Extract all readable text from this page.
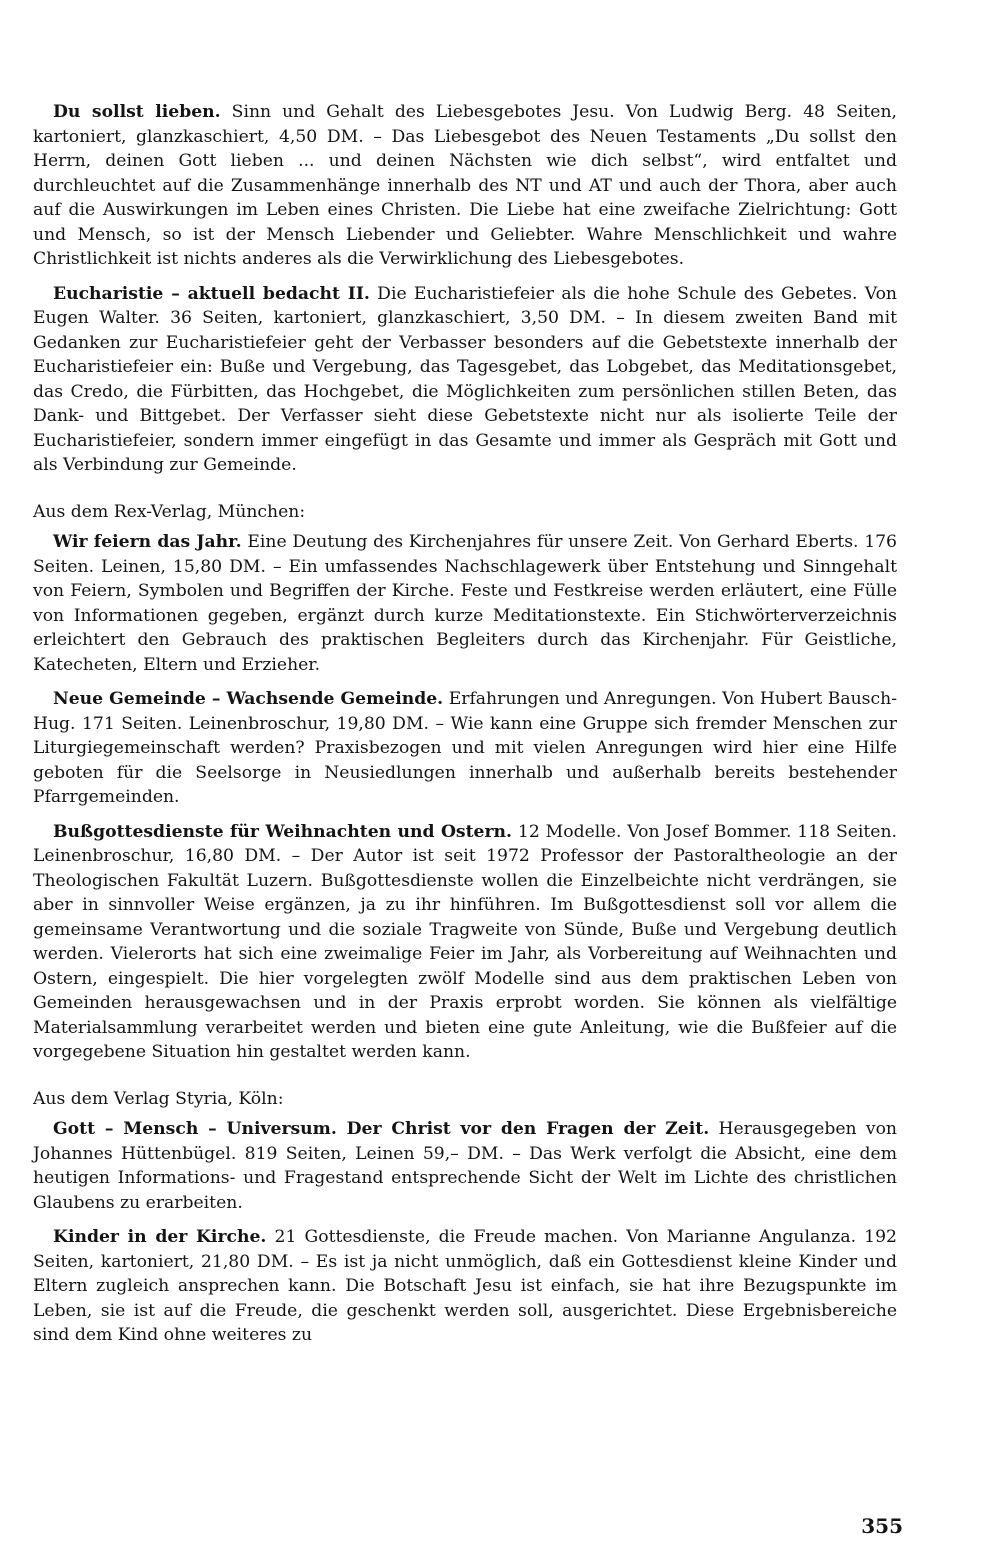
Du sollst lieben. Sinn und Gehalt des Liebesgebotes Jesu. Von Ludwig Berg. 48 Seiten, kartoniert, glanzkaschiert, 4,50 DM. – Das Liebesgebot des Neuen Testaments „Du sollst den Herrn, deinen Gott lieben ... und deinen Nächsten wie dich selbst“, wird entfaltet und durchleuchtet auf die Zusammenhänge innerhalb des NT und AT und auch der Thora, aber auch auf die Auswirkungen im Leben eines Christen. Die Liebe hat eine zweifache Zielrichtung: Gott und Mensch, so ist der Mensch Liebender und Geliebter. Wahre Menschlichkeit und wahre Christlichkeit ist nichts anderes als die Verwirklichung des Liebesgebotes.

Eucharistie – aktuell bedacht II. Die Eucharistiefeier als die hohe Schule des Gebetes. Von Eugen Walter. 36 Seiten, kartoniert, glanzkaschiert, 3,50 DM. – In diesem zweiten Band mit Gedanken zur Eucharistiefeier geht der Verbasser besonders auf die Gebetstexte innerhalb der Eucharistiefeier ein: Buße und Vergebung, das Tagesgebet, das Lobgebet, das Meditationsgebet, das Credo, die Fürbitten, das Hochgebet, die Möglichkeiten zum persönlichen stillen Beten, das Dank- und Bittgebet. Der Verfasser sieht diese Gebetstexte nicht nur als isolierte Teile der Eucharistiefeier, sondern immer eingefügt in das Gesamte und immer als Gespräch mit Gott und als Verbindung zur Gemeinde.

Aus dem Rex-Verlag, München:

Wir feiern das Jahr. Eine Deutung des Kirchenjahres für unsere Zeit. Von Gerhard Eberts. 176 Seiten. Leinen, 15,80 DM. – Ein umfassendes Nachschlagewerk über Entstehung und Sinngehalt von Feiern, Symbolen und Begriffen der Kirche. Feste und Festkreise werden erläutert, eine Fülle von Informationen gegeben, ergänzt durch kurze Meditationstexte. Ein Stichwörterverzeichnis erleichtert den Gebrauch des praktischen Begleiters durch das Kirchenjahr. Für Geistliche, Katecheten, Eltern und Erzieher.

Neue Gemeinde – Wachsende Gemeinde. Erfahrungen und Anregungen. Von Hubert Bausch-Hug. 171 Seiten. Leinenbroschur, 19,80 DM. – Wie kann eine Gruppe sich fremder Menschen zur Liturgiegemeinschaft werden? Praxisbezogen und mit vielen Anregungen wird hier eine Hilfe geboten für die Seelsorge in Neusiedlungen innerhalb und außerhalb bereits bestehender Pfarrgemeinden.

Bußgottesdienste für Weihnachten und Ostern. 12 Modelle. Von Josef Bommer. 118 Seiten. Leinenbroschur, 16,80 DM. – Der Autor ist seit 1972 Professor der Pastoraltheologie an der Theologischen Fakultät Luzern. Bußgottesdienste wollen die Einzelbeichte nicht verdrängen, sie aber in sinnvoller Weise ergänzen, ja zu ihr hinführen. Im Bußgottesdienst soll vor allem die gemeinsame Verantwortung und die soziale Tragweite von Sünde, Buße und Vergebung deutlich werden. Vielerorts hat sich eine zweimalige Feier im Jahr, als Vorbereitung auf Weihnachten und Ostern, eingespielt. Die hier vorgelegten zwölf Modelle sind aus dem praktischen Leben von Gemeinden herausgewachsen und in der Praxis erprobt worden. Sie können als vielfältige Materialsammlung verarbeitet werden und bieten eine gute Anleitung, wie die Bußfeier auf die vorgegebene Situation hin gestaltet werden kann.

Aus dem Verlag Styria, Köln:

Gott – Mensch – Universum. Der Christ vor den Fragen der Zeit. Herausgegeben von Johannes Hüttenbügel. 819 Seiten, Leinen 59,– DM. – Das Werk verfolgt die Absicht, eine dem heutigen Informations- und Fragestand entsprechende Sicht der Welt im Lichte des christlichen Glaubens zu erarbeiten.

Kinder in der Kirche. 21 Gottesdienste, die Freude machen. Von Marianne Angulanza. 192 Seiten, kartoniert, 21,80 DM. – Es ist ja nicht unmöglich, daß ein Gottesdienst kleine Kinder und Eltern zugleich ansprechen kann. Die Botschaft Jesu ist einfach, sie hat ihre Bezugspunkte im Leben, sie ist auf die Freude, die geschenkt werden soll, ausgerichtet. Diese Ergebnisbereiche sind dem Kind ohne weiteres zu

355
